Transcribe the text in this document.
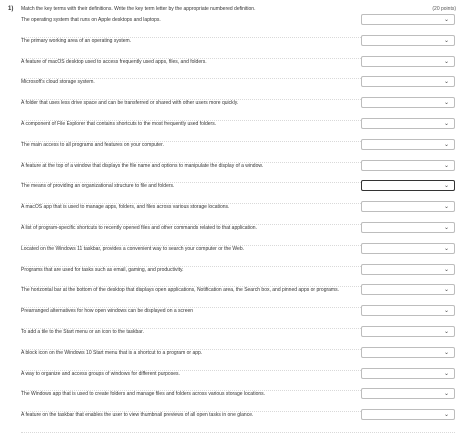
1) Match the key terms with their definitions. Write the key term letter by the appropriate numbered definition.	(20 points)
The operating system that runs on Apple desktops and laptops.	⌄
The primary working area of an operating system.	⌄
A feature of macOS desktop used to access frequently used apps, files, and folders.	⌄
Microsoft's cloud storage system.	⌄
A folder that uses less drive space and can be transferred or shared with other users more quickly.	⌄
A component of File Explorer that contains shortcuts to the most frequently used folders.	⌄
The main access to all programs and features on your computer.	⌄
A feature at the top of a window that displays the file name and options to manipulate the display of a window.	⌄
The means of providing an organizational structure to file and folders.	⌄
A macOS app that is used to manage apps, folders, and files across various storage locations.	⌄
A list of program-specific shortcuts to recently opened files and other commands related to that application.	⌄
Located on the Windows 11 taskbar, provides a convenient way to search your computer or the Web.	⌄
Programs that are used for tasks such as email, gaming, and productivity.	⌄
The horizontal bar at the bottom of the desktop that displays open applications, Notification area, the Search box, and pinned apps or programs.	⌄
Prearranged alternatives for how open windows can be displayed on a screen	⌄
To add a tile to the Start menu or an icon to the taskbar.	⌄
A block icon on the Windows 10 Start menu that is a shortcut to a program or app.	⌄
A way to organize and access groups of windows for different purposes.	⌄
The Windows app that is used to create folders and manage files and folders across various storage locations.	⌄
A feature on the taskbar that enables the user to view thumbnail previews of all open tasks in one glance.	⌄
